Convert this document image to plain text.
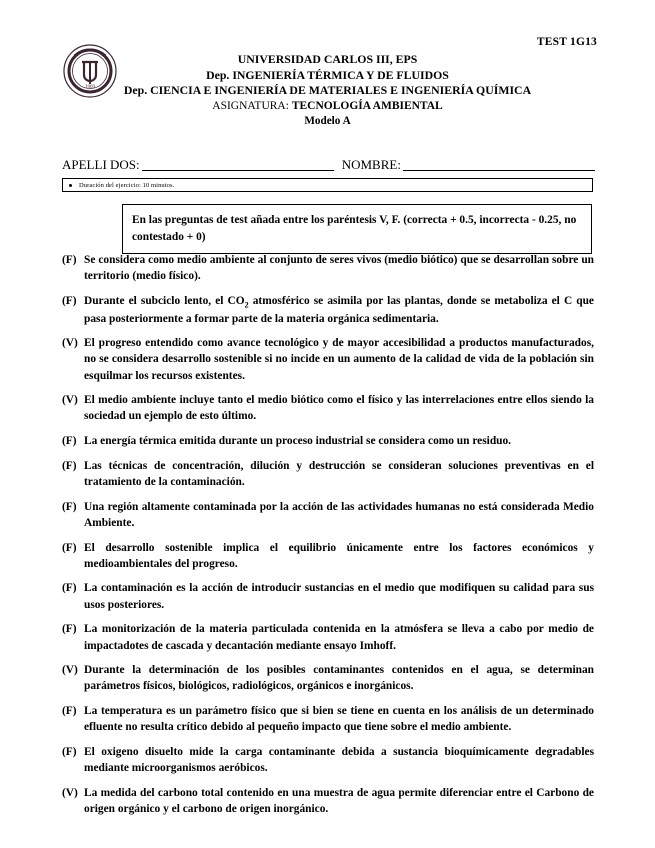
TEST 1G13
1969
UNIVERSIDAD CARLOS III, EPS
Dep. INGENIERÍA TÉRMICA Y DE FLUIDOS
Dep. CIENCIA E INGENIERÍA DE MATERIALES E INGENIERÍA QUÍMICA
ASIGNATURA: TECNOLOGÍA AMBIENTAL
Modelo A
APELLI DOS:	NOMBRE:
Duración del ejercicio: 10 minutos.
En las preguntas de test añada entre los paréntesis V, F. (correcta + 0.5, incorrecta - 0.25, no contestado + 0)
(F) Se considera como medio ambiente al conjunto de seres vivos (medio biótico) que se desarrollan sobre un territorio (medio físico).
(F) Durante el subciclo lento, el $CO_2$ atmosférico se asimila por las plantas, donde se metaboliza el C que pasa posteriormente a formar parte de la materia orgánica sedimentaria.
(V) El progreso entendido como avance tecnológico y de mayor accesibilidad a productos manufacturados, no se considera desarrollo sostenible si no incide en un aumento de la calidad de vida de la población sin esquilmar los recursos existentes.
(V) El medio ambiente incluye tanto el medio biótico como el físico y las interrelaciones entre ellos siendo la sociedad un ejemplo de esto último.
(F) La energía térmica emitida durante un proceso industrial se considera como un residuo.
(F) Las técnicas de concentración, dilución y destrucción se consideran soluciones preventivas en el tratamiento de la contaminación.
(F) Una región altamente contaminada por la acción de las actividades humanas no está considerada Medio Ambiente.
(F) El desarrollo sostenible implica el equilibrio únicamente entre los factores económicos y medioambientales del progreso.
(F) La contaminación es la acción de introducir sustancias en el medio que modifiquen su calidad para sus usos posteriores.
(F) La monitorización de la materia particulada contenida en la atmósfera se lleva a cabo por medio de impactadotes de cascada y decantación mediante ensayo Imhoff.
(V) Durante la determinación de los posibles contaminantes contenidos en el agua, se determinan parámetros físicos, biológicos, radiológicos, orgánicos e inorgánicos.
(F) La temperatura es un parámetro físico que si bien se tiene en cuenta en los análisis de un determinado efluente no resulta crítico debido al pequeño impacto que tiene sobre el medio ambiente.
(F) El oxigeno disuelto mide la carga contaminante debida a sustancia bioquímicamente degradables mediante microorganismos aeróbicos.
(V) La medida del carbono total contenido en una muestra de agua permite diferenciar entre el Carbono de origen orgánico y el carbono de origen inorgánico.
